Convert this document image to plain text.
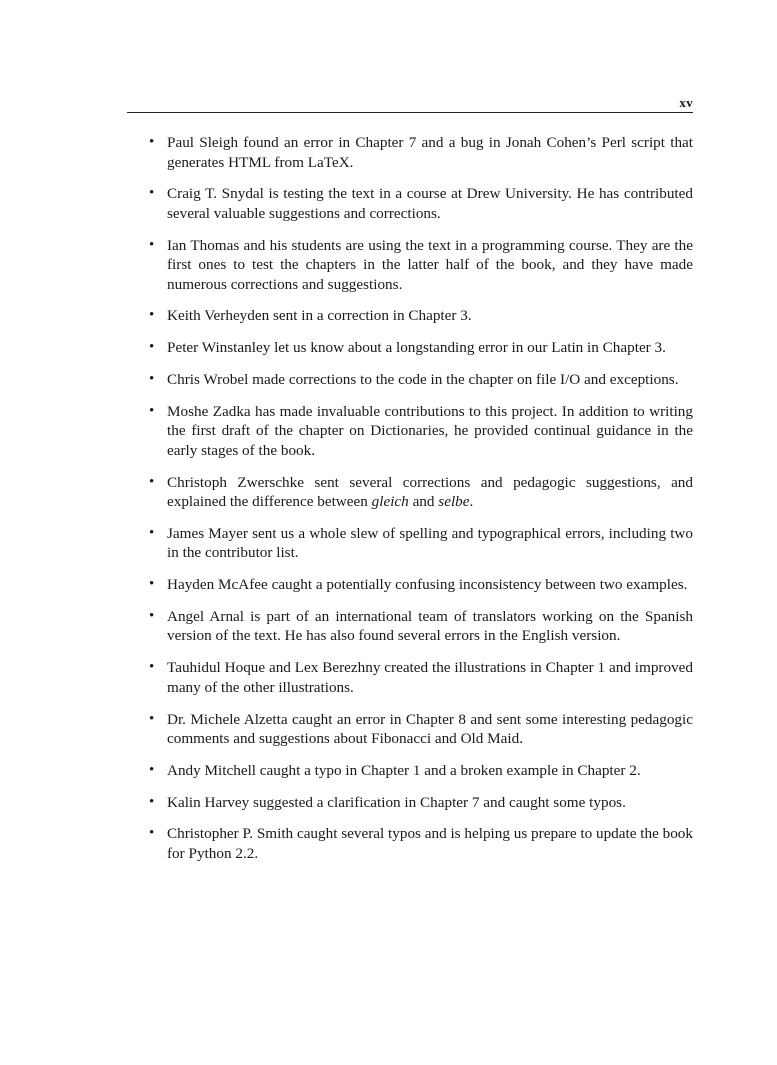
xv
• Paul Sleigh found an error in Chapter 7 and a bug in Jonah Cohen’s Perl script that generates HTML from LaTeX.
• Craig T. Snydal is testing the text in a course at Drew University. He has contributed several valuable suggestions and corrections.
• Ian Thomas and his students are using the text in a programming course. They are the first ones to test the chapters in the latter half of the book, and they have made numerous corrections and suggestions.
• Keith Verheyden sent in a correction in Chapter 3.
• Peter Winstanley let us know about a longstanding error in our Latin in Chapter 3.
• Chris Wrobel made corrections to the code in the chapter on file I/O and exceptions.
• Moshe Zadka has made invaluable contributions to this project. In addition to writing the first draft of the chapter on Dictionaries, he provided continual guidance in the early stages of the book.
• Christoph Zwerschke sent several corrections and pedagogic suggestions, and explained the difference between gleich and selbe.
• James Mayer sent us a whole slew of spelling and typographical errors, including two in the contributor list.
• Hayden McAfee caught a potentially confusing inconsistency between two examples.
• Angel Arnal is part of an international team of translators working on the Spanish version of the text. He has also found several errors in the English version.
• Tauhidul Hoque and Lex Berezhny created the illustrations in Chapter 1 and improved many of the other illustrations.
• Dr. Michele Alzetta caught an error in Chapter 8 and sent some interesting pedagogic comments and suggestions about Fibonacci and Old Maid.
• Andy Mitchell caught a typo in Chapter 1 and a broken example in Chapter 2.
• Kalin Harvey suggested a clarification in Chapter 7 and caught some typos.
• Christopher P. Smith caught several typos and is helping us prepare to update the book for Python 2.2.
